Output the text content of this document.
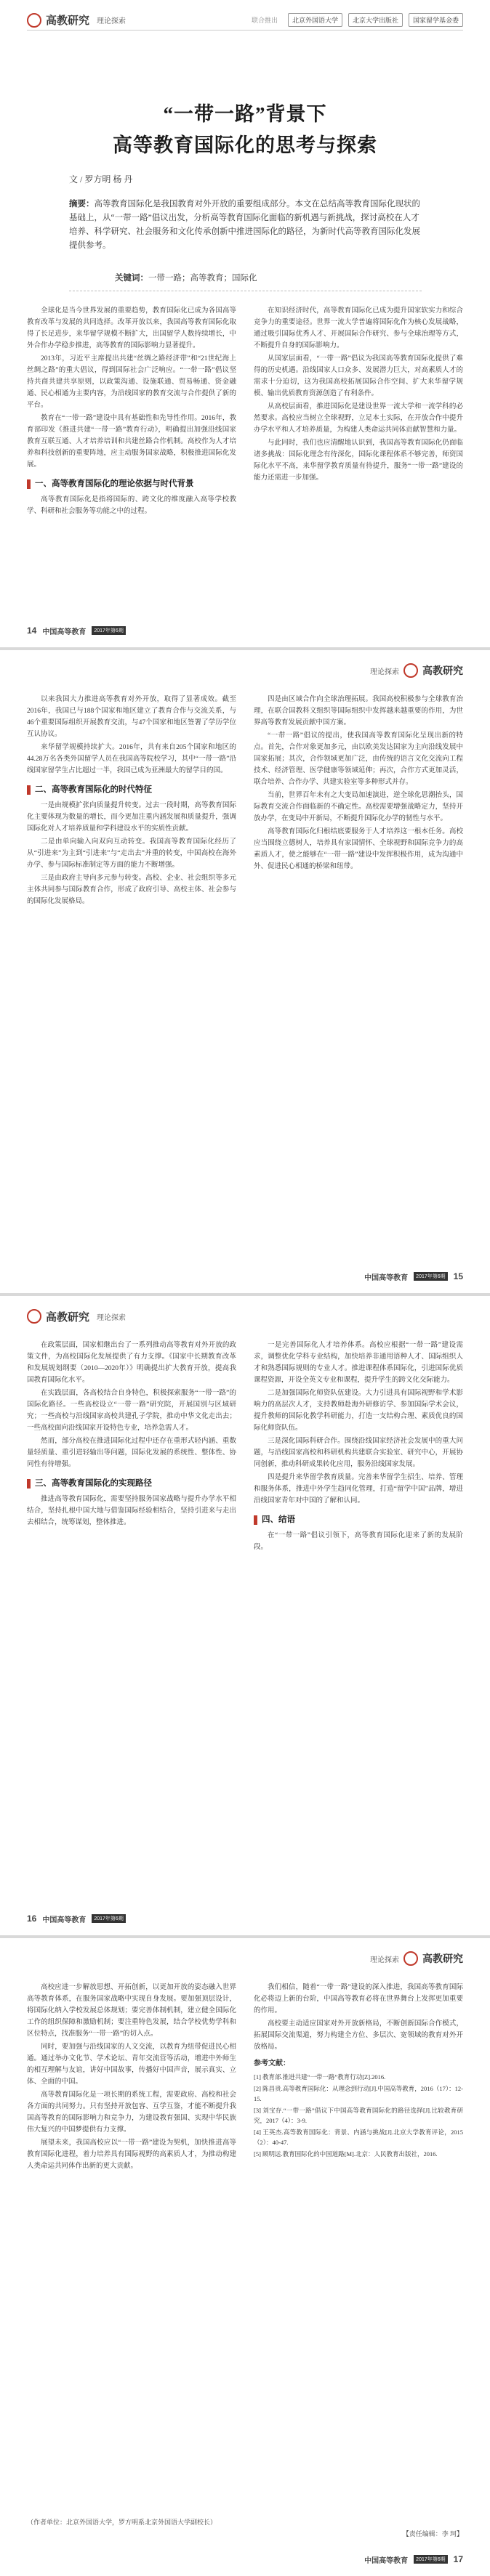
高教研究 理论探索	联合推出	北京外国语大学	北京大学出版社	国家留学基金委
“一带一路”背景下
高等教育国际化的思考与探索
文 / 罗方明 杨 丹
摘要：高等教育国际化是我国教育对外开放的重要组成部分。本文在总结高等教育国际化现状的基础上，从“一带一路”倡议出发，分析高等教育国际化面临的新机遇与新挑战，探讨高校在人才培养、科学研究、社会服务和文化传承创新中推进国际化的路径，为新时代高等教育国际化发展提供参考。
关键词：一带一路；高等教育；国际化

全球化是当今世界发展的重要趋势，教育国际化已成为各国高等教育改革与发展的共同选择。改革开放以来，我国高等教育国际化取得了长足进步，来华留学规模不断扩大，出国留学人数持续增长，中外合作办学稳步推进，高等教育的国际影响力显著提升。

2013年，习近平主席提出共建“丝绸之路经济带”和“21世纪海上丝绸之路”的重大倡议，得到国际社会广泛响应。“一带一路”倡议坚持共商共建共享原则，以政策沟通、设施联通、贸易畅通、资金融通、民心相通为主要内容，为沿线国家的教育交流与合作提供了新的平台。

教育在“一带一路”建设中具有基础性和先导性作用。2016年，教育部印发《推进共建“一带一路”教育行动》，明确提出加强沿线国家教育互联互通、人才培养培训和共建丝路合作机制。高校作为人才培养和科技创新的重要阵地，应主动服务国家战略，积极推进国际化发展。

一、高等教育国际化的理论依据与时代背景

高等教育国际化是指将国际的、跨文化的维度融入高等学校教学、科研和社会服务等功能之中的过程。

在知识经济时代，高等教育国际化已成为提升国家软实力和综合竞争力的重要途径。世界一流大学普遍将国际化作为核心发展战略，通过吸引国际优秀人才、开展国际合作研究、参与全球治理等方式，不断提升自身的国际影响力。

从国家层面看，“一带一路”倡议为我国高等教育国际化提供了难得的历史机遇。沿线国家人口众多、发展潜力巨大，对高素质人才的需求十分迫切，这为我国高校拓展国际合作空间、扩大来华留学规模、输出优质教育资源创造了有利条件。

从高校层面看，推进国际化是建设世界一流大学和一流学科的必然要求。高校应当树立全球视野，立足本土实际，在开放合作中提升办学水平和人才培养质量，为构建人类命运共同体贡献智慧和力量。

与此同时，我们也应清醒地认识到，我国高等教育国际化仍面临诸多挑战：国际化理念有待深化，国际化课程体系不够完善，师资国际化水平不高，来华留学教育质量有待提升，服务“一带一路”建设的能力还需进一步加强。

14 中国高等教育	2017年第6期
理论探索 高教研究

以来我国大力推进高等教育对外开放，取得了显著成效。截至2016年，我国已与188个国家和地区建立了教育合作与交流关系，与46个重要国际组织开展教育交流，与47个国家和地区签署了学历学位互认协议。

来华留学规模持续扩大。2016年，共有来自205个国家和地区的44.28万名各类外国留学人员在我国高等院校学习，其中“一带一路”沿线国家留学生占比超过一半，我国已成为亚洲最大的留学目的国。

二、高等教育国际化的时代特征

一是由规模扩张向质量提升转变。过去一段时期，高等教育国际化主要体现为数量的增长，而今更加注重内涵发展和质量提升，强调国际化对人才培养质量和学科建设水平的实质性贡献。

二是由单向输入向双向互动转变。我国高等教育国际化经历了从“引进来”为主到“引进来”与“走出去”并重的转变，中国高校在海外办学、参与国际标准制定等方面的能力不断增强。

三是由政府主导向多元参与转变。高校、企业、社会组织等多元主体共同参与国际教育合作，形成了政府引导、高校主体、社会参与的国际化发展格局。

四是由区域合作向全球治理拓展。我国高校积极参与全球教育治理，在联合国教科文组织等国际组织中发挥越来越重要的作用，为世界高等教育发展贡献中国方案。

“一带一路”倡议的提出，使我国高等教育国际化呈现出新的特点。首先，合作对象更加多元，由以欧美发达国家为主向沿线发展中国家拓展；其次，合作领域更加广泛，由传统的语言文化交流向工程技术、经济管理、医学健康等领域延伸；再次，合作方式更加灵活，联合培养、合作办学、共建实验室等多种形式并存。

当前，世界百年未有之大变局加速演进，逆全球化思潮抬头，国际教育交流合作面临新的不确定性。高校需要增强战略定力，坚持开放办学，在变局中开新局，不断提升国际化办学的韧性与水平。

高等教育国际化归根结底要服务于人才培养这一根本任务。高校应当围绕立德树人，培养具有家国情怀、全球视野和国际竞争力的高素质人才，使之能够在“一带一路”建设中发挥积极作用，成为沟通中外、促进民心相通的桥梁和纽带。

中国高等教育	2017年第6期 15
高教研究 理论探索

在政策层面，国家相继出台了一系列推动高等教育对外开放的政策文件，为高校国际化发展提供了有力支撑。《国家中长期教育改革和发展规划纲要（2010—2020年）》明确提出扩大教育开放，提高我国教育国际化水平。

在实践层面，各高校结合自身特色，积极探索服务“一带一路”的国际化路径。一些高校设立“一带一路”研究院，开展国别与区域研究；一些高校与沿线国家高校共建孔子学院，推动中华文化走出去；一些高校面向沿线国家开设特色专业，培养急需人才。

然而，部分高校在推进国际化过程中还存在重形式轻内涵、重数量轻质量、重引进轻输出等问题，国际化发展的系统性、整体性、协同性有待增强。

三、高等教育国际化的实现路径

推进高等教育国际化，需要坚持服务国家战略与提升办学水平相结合，坚持扎根中国大地与借鉴国际经验相结合，坚持引进来与走出去相结合，统筹谋划，整体推进。

一是完善国际化人才培养体系。高校应根据“一带一路”建设需求，调整优化学科专业结构，加快培养非通用语种人才、国际组织人才和熟悉国际规则的专业人才。推进课程体系国际化，引进国际优质课程资源，开设全英文专业和课程，提升学生的跨文化交际能力。

二是加强国际化师资队伍建设。大力引进具有国际视野和学术影响力的高层次人才，支持教师赴海外研修访学、参加国际学术会议，提升教师的国际化教学科研能力，打造一支结构合理、素质优良的国际化师资队伍。

三是深化国际科研合作。围绕沿线国家经济社会发展中的重大问题，与沿线国家高校和科研机构共建联合实验室、研究中心，开展协同创新，推动科研成果转化应用，服务沿线国家发展。

四是提升来华留学教育质量。完善来华留学生招生、培养、管理和服务体系，推进中外学生趋同化管理，打造“留学中国”品牌，增进沿线国家青年对中国的了解和认同。

四、结语

在“一带一路”倡议引领下，高等教育国际化迎来了新的发展阶段。

16 中国高等教育	2017年第6期
理论探索 高教研究

高校应进一步解放思想、开拓创新，以更加开放的姿态融入世界高等教育体系，在服务国家战略中实现自身发展。要加强顶层设计，将国际化纳入学校发展总体规划；要完善体制机制，建立健全国际化工作的组织保障和激励机制；要注重特色发展，结合学校优势学科和区位特点，找准服务“一带一路”的切入点。

同时，要加强与沿线国家的人文交流，以教育为纽带促进民心相通。通过举办文化节、学术论坛、青年交流营等活动，增进中外师生的相互理解与友谊，讲好中国故事，传播好中国声音，展示真实、立体、全面的中国。

高等教育国际化是一项长期的系统工程，需要政府、高校和社会各方面的共同努力。只有坚持开放包容、互学互鉴，才能不断提升我国高等教育的国际影响力和竞争力，为建设教育强国、实现中华民族伟大复兴的中国梦提供有力支撑。

展望未来，我国高校应以“一带一路”建设为契机，加快推进高等教育国际化进程，着力培养具有国际视野的高素质人才，为推动构建人类命运共同体作出新的更大贡献。

我们相信，随着“一带一路”建设的深入推进，我国高等教育国际化必将迈上新的台阶，中国高等教育必将在世界舞台上发挥更加重要的作用。

高校要主动适应国家对外开放新格局，不断创新国际合作模式，拓展国际交流渠道，努力构建全方位、多层次、宽领域的教育对外开放格局。

参考文献：

[1] 教育部.推进共建“一带一路”教育行动[Z].2016.

[2] 陈昌贵.高等教育国际化：从理念到行动[J].中国高等教育，2016（17）：12-15.

[3] 刘宝存.“一带一路”倡议下中国高等教育国际化的路径选择[J].比较教育研究，2017（4）：3-9.

[4] 王英杰.高等教育国际化：背景、内涵与挑战[J].北京大学教育评论，2015（2）：40-47.

[5] 顾明远.教育国际化的中国道路[M].北京：人民教育出版社，2016.

（作者单位：北京外国语大学，罗方明系北京外国语大学副校长）
【责任编辑：李 珂】
中国高等教育	2017年第6期 17
